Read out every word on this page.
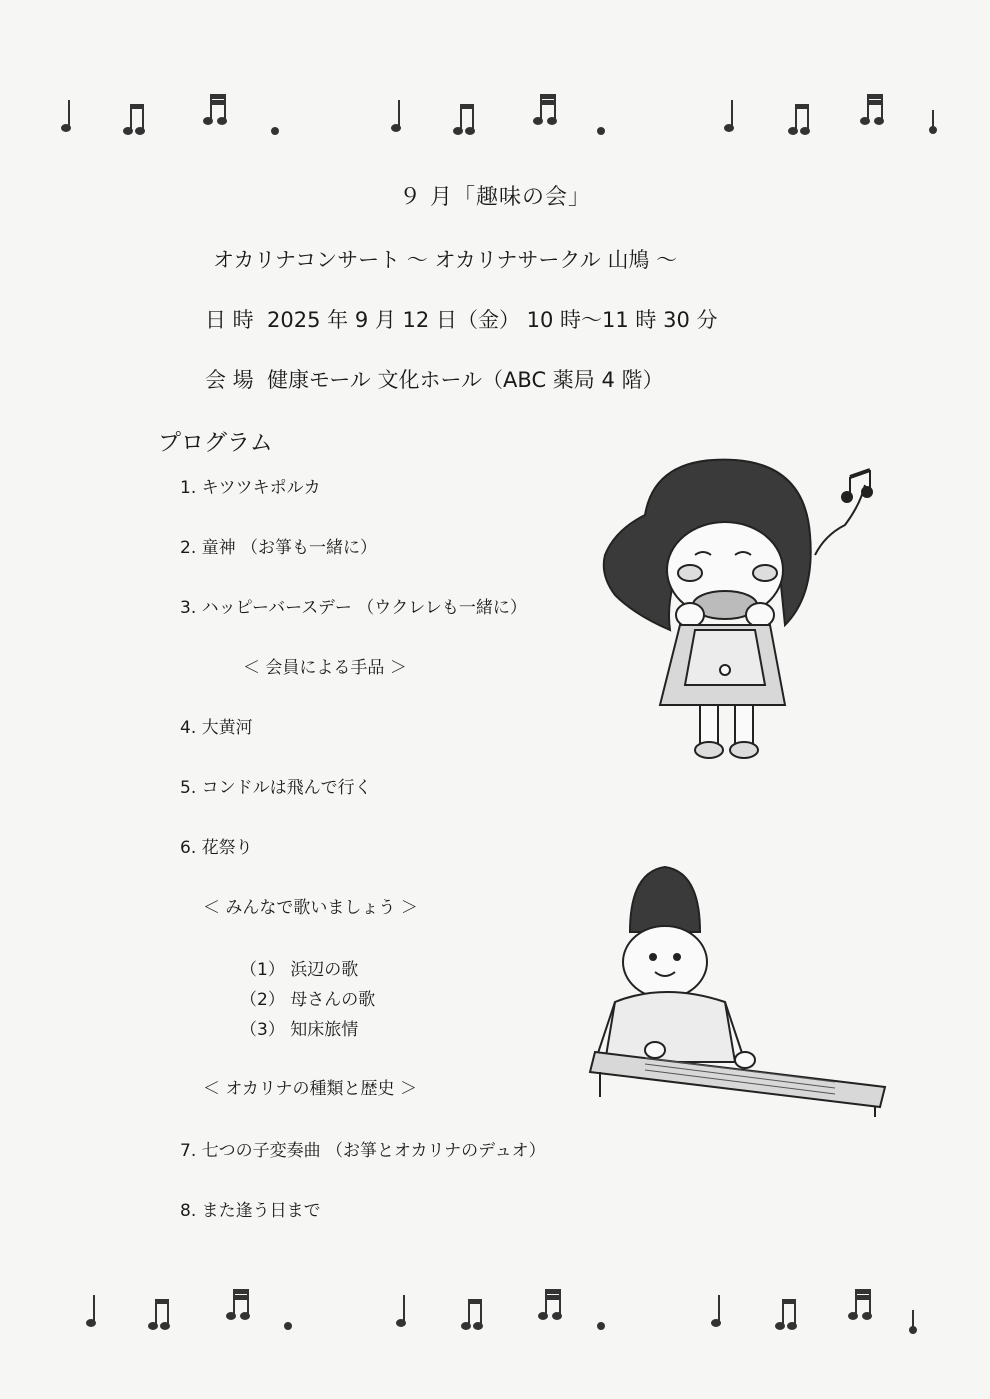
９ 月「趣味の会」
オカリナコンサート ～ オカリナサークル 山鳩 ～
日 時 2025 年 9 月 12 日（金） 10 時～11 時 30 分
会 場 健康モール 文化ホール（ABC 薬局 4 階）
プログラム
1. キツツキポルカ
2. 童神 （お箏も一緒に）
3. ハッピーバースデー （ウクレレも一緒に）
＜ 会員による手品 ＞
4. 大黄河
5. コンドルは飛んで行く
6. 花祭り
＜ みんなで歌いましょう ＞
（1） 浜辺の歌
（2） 母さんの歌
（3） 知床旅情
＜ オカリナの種類と歴史 ＞
7. 七つの子変奏曲 （お箏とオカリナのデュオ）
8. また逢う日まで
